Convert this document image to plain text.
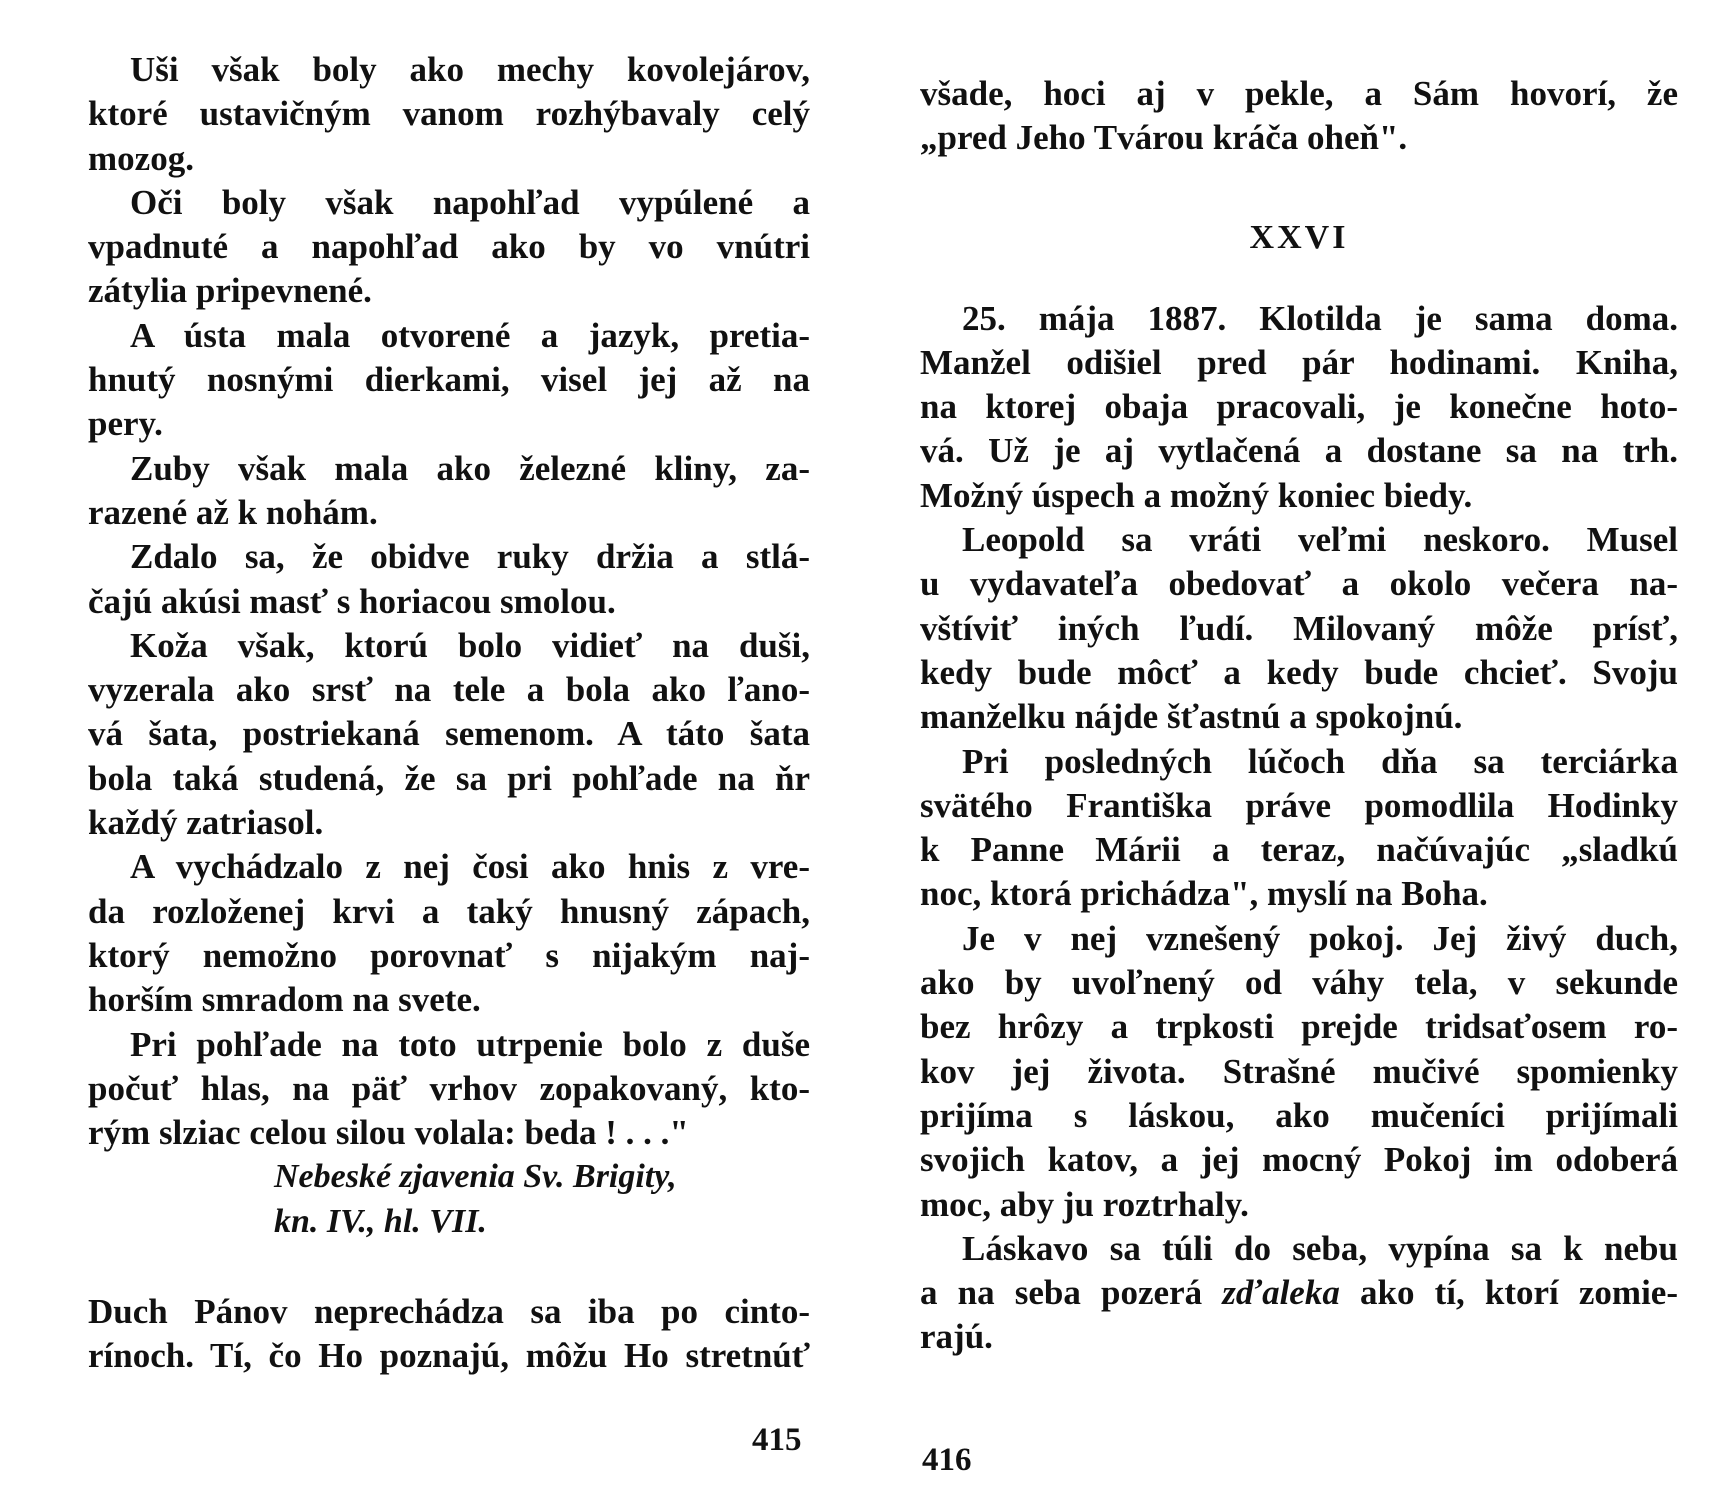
Uši však boly ako mechy kovolejárov,
ktoré ustavičným vanom rozhýbavaly celý
mozog.
Oči boly však napohľad vypúlené a
vpadnuté a napohľad ako by vo vnútri
zátylia pripevnené.
A ústa mala otvorené a jazyk, pretia-
hnutý nosnými dierkami, visel jej až na
pery.
Zuby však mala ako železné kliny, za-
razené až k nohám.
Zdalo sa, že obidve ruky držia a stlá-
čajú akúsi masť s horiacou smolou.
Koža však, ktorú bolo vidieť na duši,
vyzerala ako srsť na tele a bola ako ľano-
vá šata, postriekaná semenom. A táto šata
bola taká studená, že sa pri pohľade na ňr
každý zatriasol.
A vychádzalo z nej čosi ako hnis z vre-
da rozloženej krvi a taký hnusný zápach,
ktorý nemožno porovnať s nijakým naj-
horším smradom na svete.
Pri pohľade na toto utrpenie bolo z duše
počuť hlas, na päť vrhov zopakovaný, kto-
rým slziac celou silou volala: beda ! . . ."
Nebeské zjavenia Sv. Brigity,
kn. IV., hl. VII.
Duch Pánov neprechádza sa iba po cinto-
rínoch. Tí, čo Ho poznajú, môžu Ho stretnúť
415
všade, hoci aj v pekle, a Sám hovorí, že
„pred Jeho Tvárou kráča oheň".
XXVI
25. mája 1887. Klotilda je sama doma.
Manžel odišiel pred pár hodinami. Kniha,
na ktorej obaja pracovali, je konečne hoto-
vá. Už je aj vytlačená a dostane sa na trh.
Možný úspech a možný koniec biedy.
Leopold sa vráti veľmi neskoro. Musel
u vydavateľa obedovať a okolo večera na-
vštíviť iných ľudí. Milovaný môže prísť,
kedy bude môcť a kedy bude chcieť. Svoju
manželku nájde šťastnú a spokojnú.
Pri posledných lúčoch dňa sa terciárka
svätého Františka práve pomodlila Hodinky
k Panne Márii a teraz, načúvajúc „sladkú
noc, ktorá prichádza", myslí na Boha.
Je v nej vznešený pokoj. Jej živý duch,
ako by uvoľnený od váhy tela, v sekunde
bez hrôzy a trpkosti prejde tridsaťosem ro-
kov jej života. Strašné mučivé spomienky
prijíma s láskou, ako mučeníci prijímali
svojich katov, a jej mocný Pokoj im odoberá
moc, aby ju roztrhaly.
Láskavo sa túli do seba, vypína sa k nebu
a na seba pozerá zďaleka ako tí, ktorí zomie-
rajú.
416
